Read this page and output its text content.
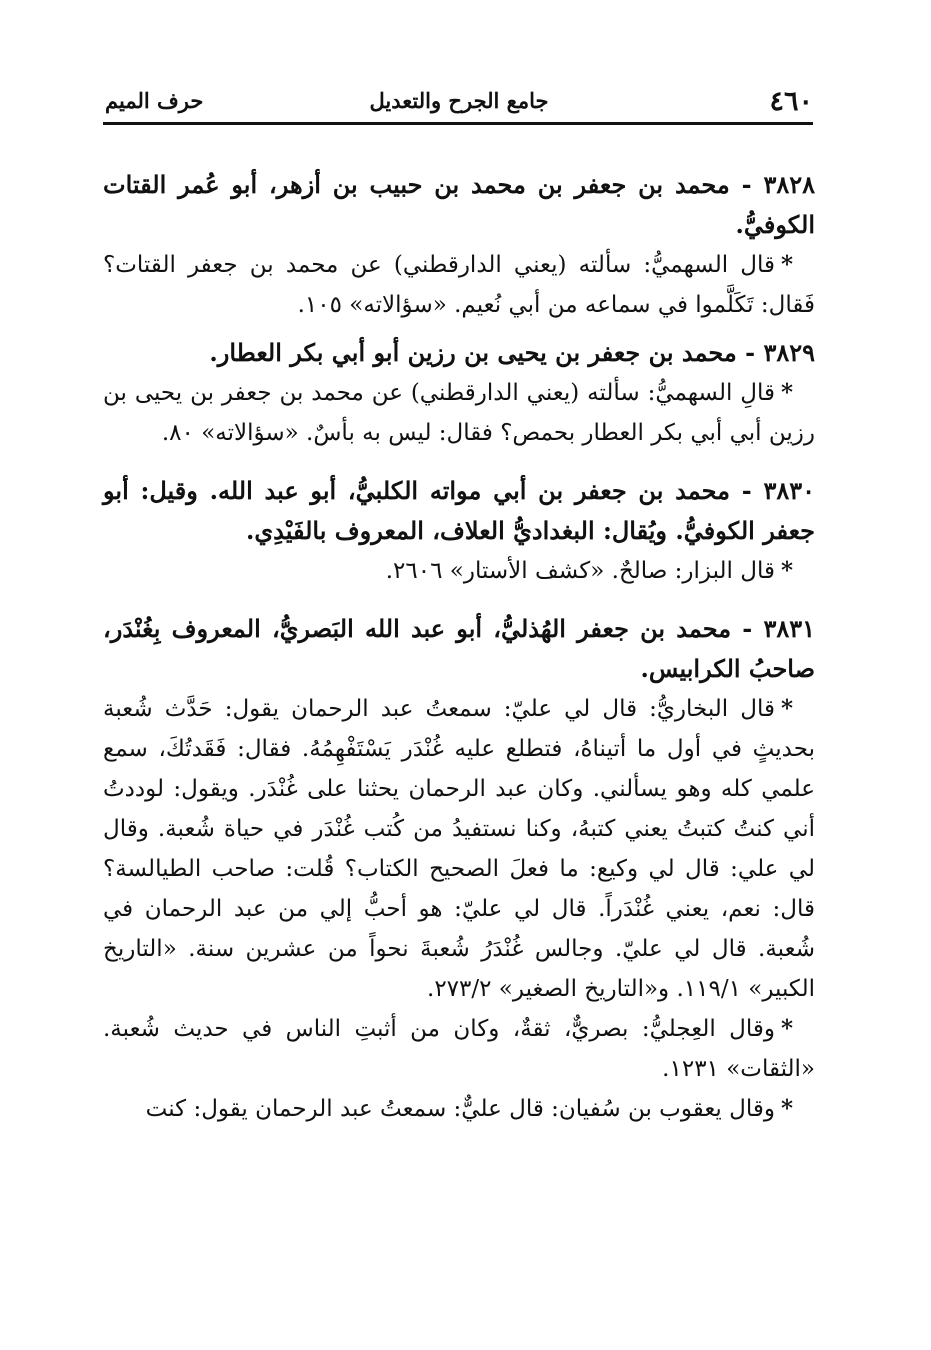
٤٦٠
جامع الجرح والتعديل
حرف الميم

٣٨٢٨ - محمد بن جعفر بن محمد بن حبيب بن أزهر، أبو عُمر القتات الكوفيُّ.

*قال السهميُّ: سألته (يعني الدارقطني) عن محمد بن جعفر القتات؟ فَقال: تَكَلَّموا في سماعه من أبي نُعيم. «سؤالاته» ١٠٥.

٣٨٢٩ - محمد بن جعفر بن يحيى بن رزين أبو أبي بكر العطار.

*قالِ السهميُّ: سألته (يعني الدارقطني) عن محمد بن جعفر بن يحيى بن رزين أبي أبي بكر العطار بحمص؟ فقال: ليس به بأسٌ. «سؤالاته» ٨٠.

٣٨٣٠ - محمد بن جعفر بن أبي مواته الكلبيُّ، أبو عبد الله. وقيل: أبو جعفر الكوفيُّ. ويُقال: البغداديُّ العلاف، المعروف بالفَيْدِي.

*قال البزار: صالحٌ. «كشف الأستار» ٢٦٠٦.

٣٨٣١ - محمد بن جعفر الهُذليُّ، أبو عبد الله البَصريُّ، المعروف بِغُنْدَر، صاحبُ الكرابيس.

*قال البخاريُّ: قال لي عليّ: سمعتُ عبد الرحمان يقول: حَدَّث شُعبة بحديثٍ في أول ما أتيناهُ، فتطلع عليه غُنْدَر يَسْتَفْهِمُهُ. فقال: فَقَدتُكَ، سمع علمي كله وهو يسألني. وكان عبد الرحمان يحثنا على غُنْدَر. ويقول: لوددتُ أني كنتُ كتبتُ يعني كتبهُ، وكنا نستفيدُ من كُتب غُنْدَر في حياة شُعبة. وقال لي علي: قال لي وكيع: ما فعلَ الصحيح الكتاب؟ قُلت: صاحب الطيالسة؟ قال: نعم، يعني غُنْدَراً. قال لي عليّ: هو أحبُّ إلي من عبد الرحمان في شُعبة. قال لي عليّ. وجالس غُنْدَرُ شُعبةَ نحواً من عشرين سنة. «التاريخ الكبير» ١١٩/١. و«التاريخ الصغير» ٢٧٣/٢.

*وقال العِجليُّ: بصريٌّ، ثقةٌ، وكان من أثبتِ الناس في حديث شُعبة. «الثقات» ١٢٣١.

*وقال يعقوب بن سُفيان: قال عليٌّ: سمعتُ عبد الرحمان يقول: كنت
